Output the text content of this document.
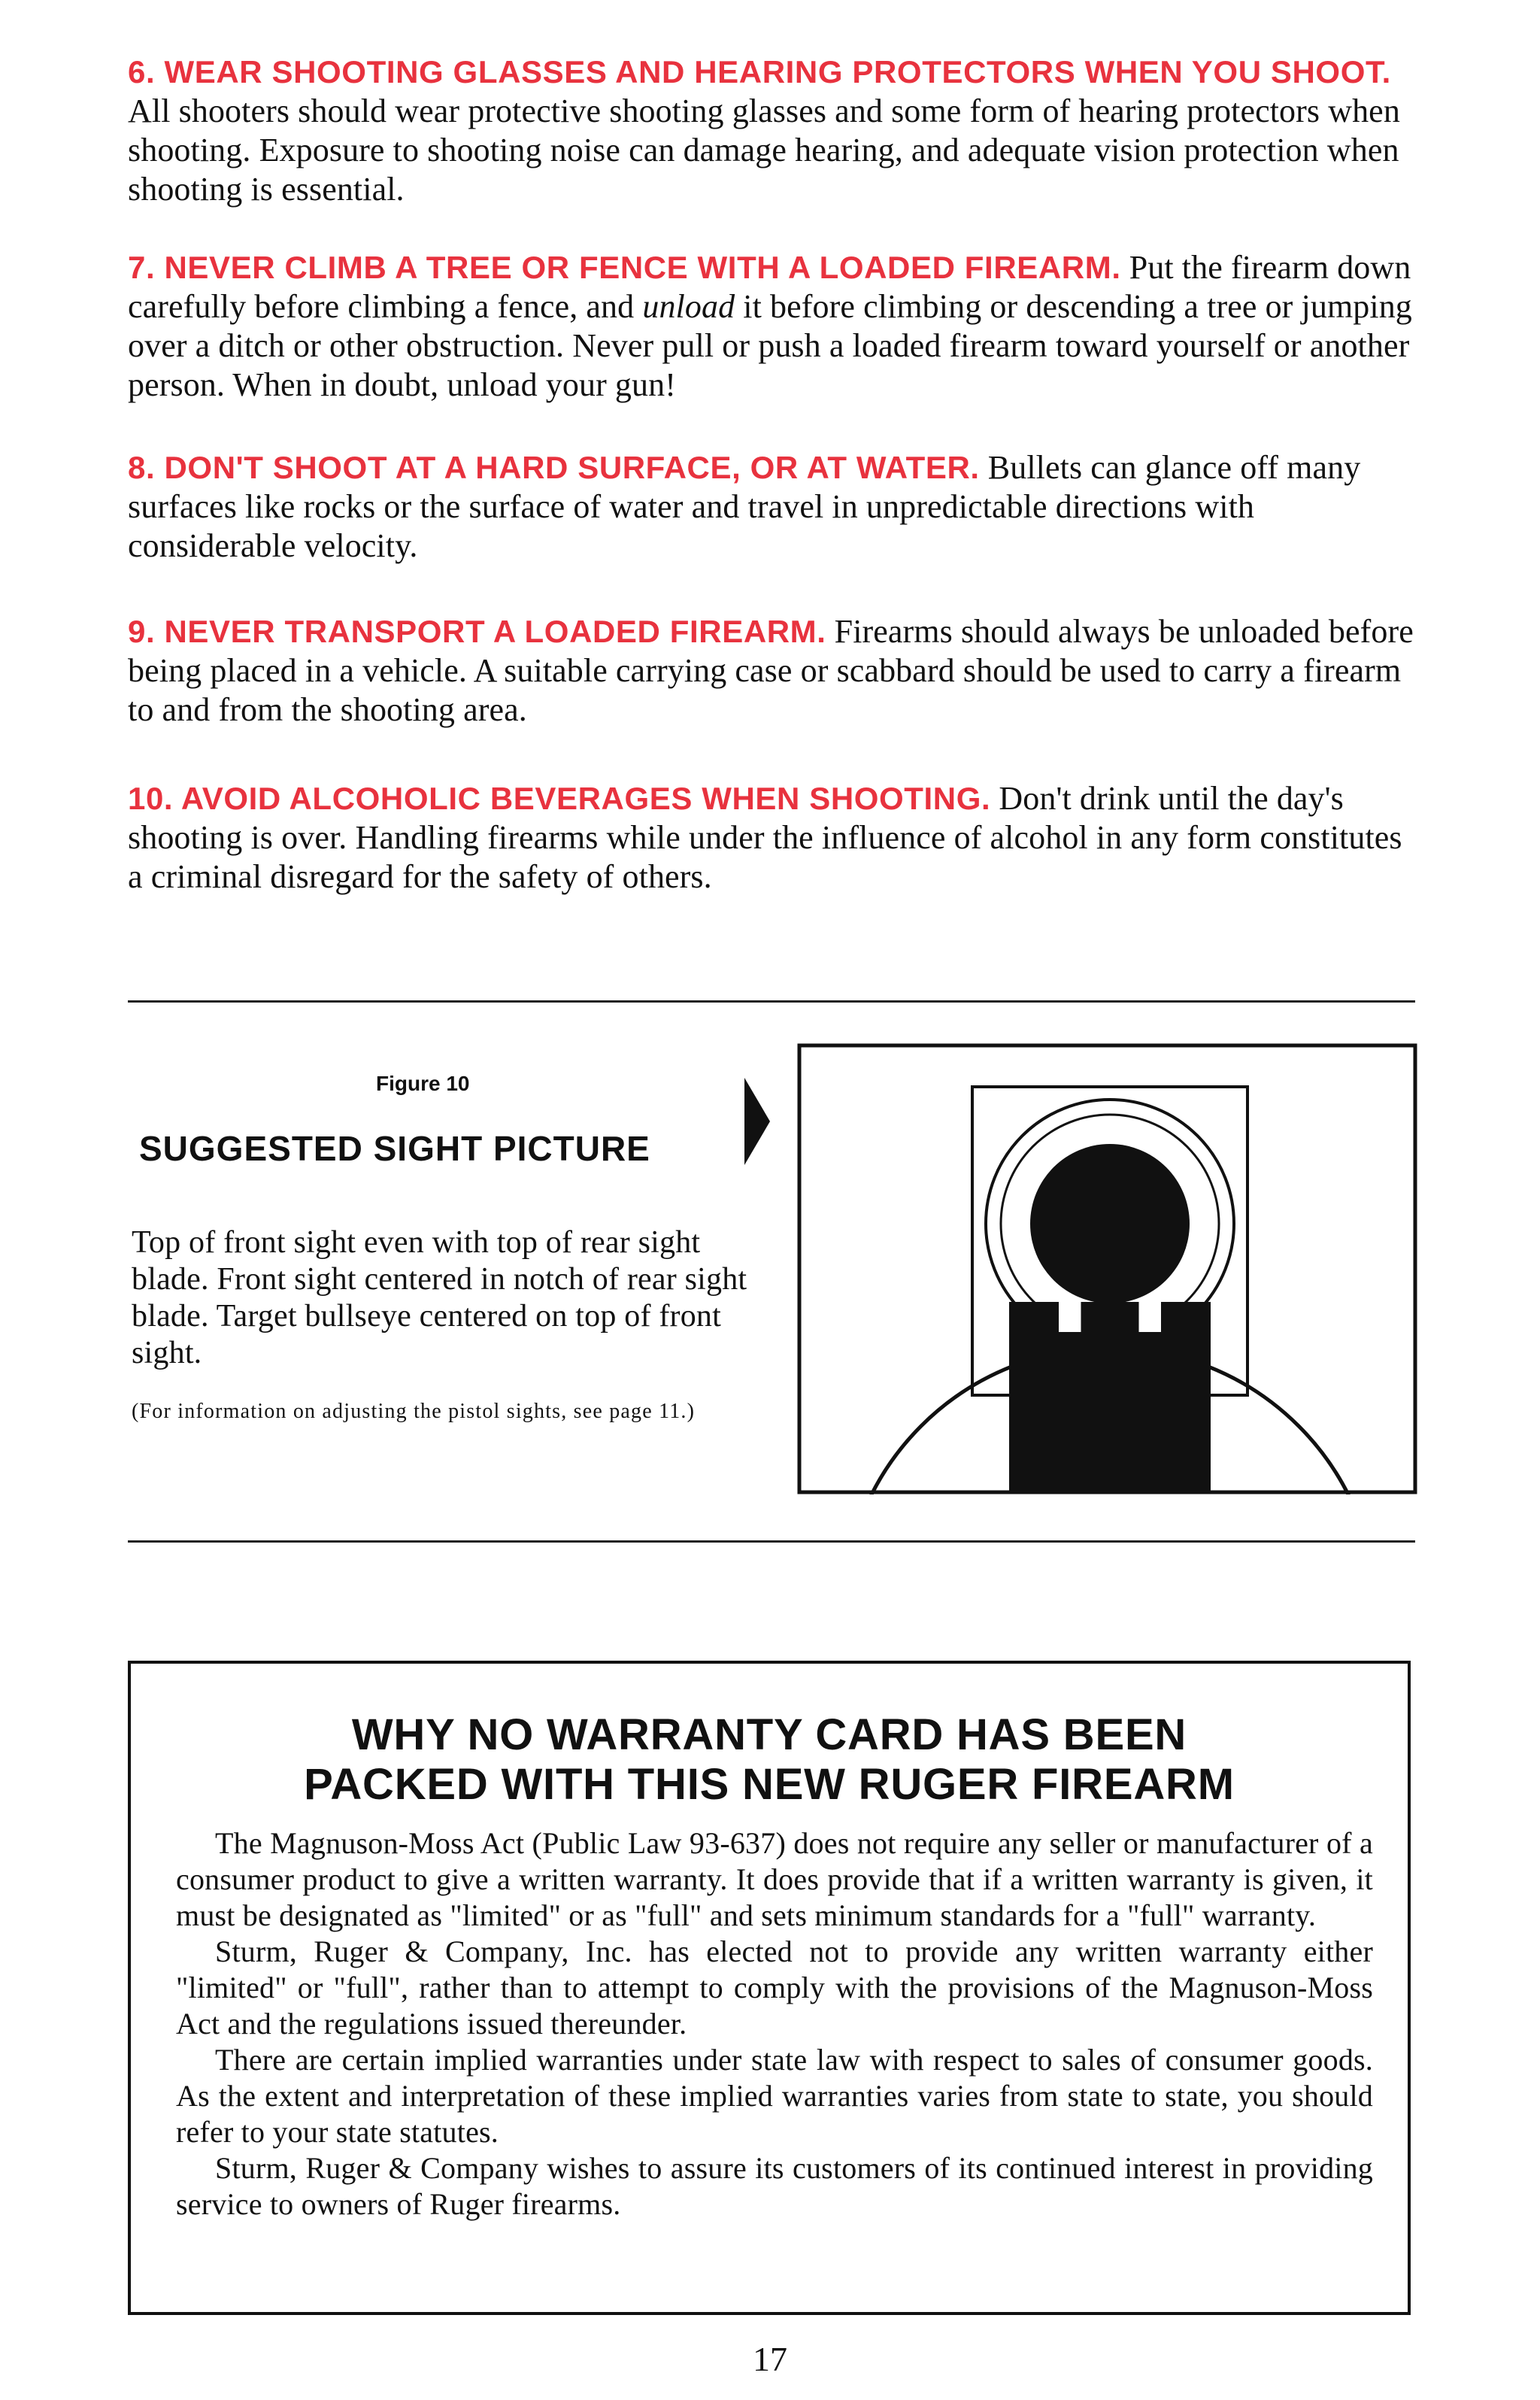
6. WEAR SHOOTING GLASSES AND HEARING PROTECTORS WHEN YOU SHOOT. All shooters should wear protective shooting glasses and some form of hearing protectors when shooting. Exposure to shooting noise can damage hearing, and adequate vision protection when shooting is essential.

7. NEVER CLIMB A TREE OR FENCE WITH A LOADED FIREARM. Put the firearm down carefully before climbing a fence, and unload it before climbing or descending a tree or jumping over a ditch or other obstruction. Never pull or push a loaded firearm toward yourself or another person. When in doubt, unload your gun!

8. DON'T SHOOT AT A HARD SURFACE, OR AT WATER. Bullets can glance off many surfaces like rocks or the surface of water and travel in unpredictable directions with considerable velocity.

9. NEVER TRANSPORT A LOADED FIREARM. Firearms should always be unloaded before being placed in a vehicle. A suitable carrying case or scabbard should be used to carry a firearm to and from the shooting area.

10. AVOID ALCOHOLIC BEVERAGES WHEN SHOOTING. Don't drink until the day's shooting is over. Handling firearms while under the influence of alcohol in any form constitutes a criminal disregard for the safety of others.

Figure 10
SUGGESTED SIGHT PICTURE

Top of front sight even with top of rear sight blade. Front sight centered in notch of rear sight blade. Target bullseye centered on top of front sight.

(For information on adjusting the pistol sights, see page 11.)

WHY NO WARRANTY CARD HAS BEEN
PACKED WITH THIS NEW RUGER FIREARM

The Magnuson-Moss Act (Public Law 93-637) does not require any seller or manufacturer of a consumer product to give a written warranty. It does provide that if a written warranty is given, it must be designated as "limited" or as "full" and sets minimum standards for a "full" warranty.

Sturm, Ruger & Company, Inc. has elected not to provide any written warranty either "limited" or "full", rather than to attempt to comply with the provisions of the Magnuson-Moss Act and the regulations issued thereunder.

There are certain implied warranties under state law with respect to sales of consumer goods. As the extent and interpretation of these implied warranties varies from state to state, you should refer to your state statutes.

Sturm, Ruger & Company wishes to assure its customers of its continued interest in providing service to owners of Ruger firearms.

17
